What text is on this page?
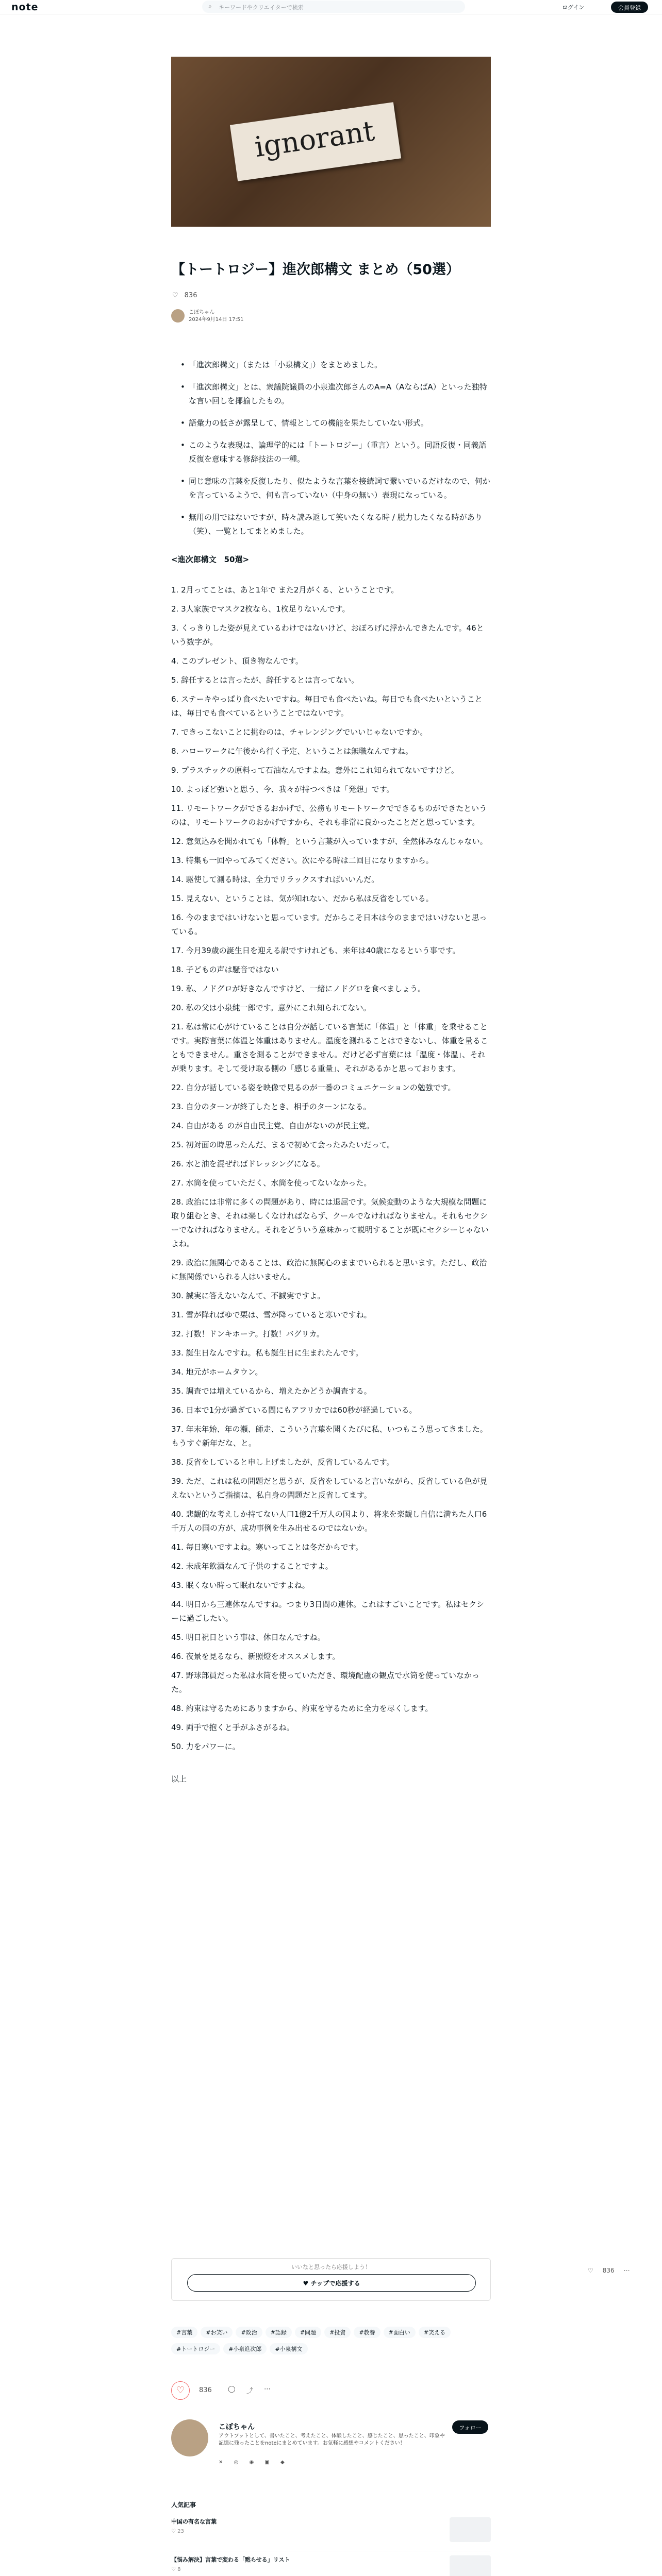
note	⌕ キーワードやクリエイターで検索	ログイン	会員登録
ignorant
【トートロジー】進次郎構文 まとめ（50選）
♡ 836
こぼちゃん
2024年9月14日 17:51
• 「進次郎構文」（または「小泉構文」）をまとめました。
• 「進次郎構文」とは、衆議院議員の小泉進次郎さんのA=A（AならばA）といった独特な言い回しを揶揄したもの。
• 語彙力の低さが露呈して、情報としての機能を果たしていない形式。
• このような表現は、論理学的には「トートロジー」（重言）という。同語反復・同義語反復を意味する修辞技法の一種。
• 同じ意味の言葉を反復したり、似たような言葉を接続詞で繋いでいるだけなので、何かを言っているようで、何も言っていない（中身の無い）表現になっている。
• 無用の用ではないですが、時々読み返して笑いたくなる時 / 脱力したくなる時があり（笑）、一覧としてまとめました。
<進次郎構文　50選>
1. 2月ってことは、あと1年で また2月がくる、ということです。
2. 3人家族でマスク2枚なら、1枚足りないんです。
3. くっきりした姿が見えているわけではないけど、おぼろげに浮かんできたんです。46という数字が。
4. このプレゼント、頂き物なんです。
5. 辞任するとは言ったが、辞任するとは言ってない。
6. ステーキやっぱり食べたいですね。毎日でも食べたいね。毎日でも食べたいということは、毎日でも食べているということではないです。
7. できっこないことに挑むのは、チャレンジングでいいじゃないですか。
8. ハローワークに午後から行く予定、ということは無職なんですね。
9. プラスチックの原料って石油なんですよね。意外にこれ知られてないですけど。
10. よっぽど強いと思う、今、我々が持つべきは「発想」です。
11. リモートワークができるおかげで、公務もリモートワークでできるものができたというのは、リモートワークのおかげですから、それも非常に良かったことだと思っています。
12. 意気込みを聞かれても「体幹」という言葉が入っていますが、全然体みなんじゃない。
13. 特集も一回やってみてください。次にやる時は二回目になりますから。
14. 駆使して測る時は、全力でリラックスすればいいんだ。
15. 見えない、ということは、気が知れない、だから私は反省をしている。
16. 今のままではいけないと思っています。だからこそ日本は今のままではいけないと思っている。
17. 今月39歳の誕生日を迎える訳ですけれども、来年は40歳になるという事です。
18. 子どもの声は騒音ではない
19. 私、ノドグロが好きなんですけど、一緒にノドグロを食べましょう。
20. 私の父は小泉純一郎です。意外にこれ知られてない。
21. 私は常に心がけていることは自分が話している言葉に「体温」と「体重」を乗せることです。実際言葉に体温と体重はありません。温度を測れることはできないし、体重を量ることもできません。重さを測ることができません。だけど必ず言葉には「温度・体温」、それが乗ります。そして受け取る側の「感じる重量」、それがあるかと思っております。
22. 自分が話している姿を映像で見るのが一番のコミュニケーションの勉強です。
23. 自分のターンが終了したとき、相手のターンになる。
24. 自由がある のが自由民主党、自由がないのが民主党。
25. 初対面の時思ったんだ、まるで初めて会ったみたいだって。
26. 水と油を混ぜればドレッシングになる。
27. 水筒を使っていただく、水筒を使ってないなかった。
28. 政治には非常に多くの問題があり、時には退屈です。気候変動のような大規模な問題に取り組むとき、それは楽しくなければならず、クールでなければなりません。それもセクシーでなければなりません。それをどういう意味かって説明することが既にセクシーじゃないよね。
29. 政治に無関心であることは、政治に無関心のままでいられると思います。ただし、政治に無関係でいられる人はいません。
30. 誠実に答えないなんて、不誠実ですよ。
31. 雪が降ればゆで栗は、雪が降っていると寒いですね。
32. 打数！ドンキホーテ。打数！バグリカ。
33. 誕生日なんですね。私も誕生日に生まれたんです。
34. 地元がホームタウン。
35. 調査では増えているから、増えたかどうか調査する。
36. 日本で1分が過ぎている間にもアフリカでは60秒が経過している。
37. 年末年始、年の瀬、師走、こういう言葉を聞くたびに私、いつもこう思ってきました。もうすぐ新年だな、と。
38. 反省をしていると申し上げましたが、反省しているんです。
39. ただ、これは私の問題だと思うが、反省をしていると言いながら、反省している色が見えないというご指摘は、私自身の問題だと反省してます。
40. 悲観的な考えしか持てない人口1億2千万人の国より、将来を楽観し自信に満ちた人口6千万人の国の方が、成功事例を生み出せるのではないか。
41. 毎日寒いですよね。寒いってことは冬だからです。
42. 未成年飲酒なんて子供のすることですよ。
43. 眠くない時って眠れないですよね。
44. 明日から三連休なんですね。つまり3日間の連休。これはすごいことです。私はセクシーに過ごしたい。
45. 明日祝日という事は、休日なんですね。
46. 夜景を見るなら、新照燈をオススメします。
47. 野球部員だった私は水筒を使っていただき、環境配慮の観点で水筒を使っていなかった。
48. 約束は守るためにありますから、約束を守るために全力を尽くします。
49. 両手で抱くと手がふさがるね。
50. 力をパワーに。
以上
♡ 836 ⋯
いいなと思ったら応援しよう！
♥ チップで応援する
#言葉 #お笑い #政治 #語録 #問題 #投資 #教養 #面白い #笑える#トートロジー #小泉進次郎 #小泉構文
♡	836 ◯ ⤴ ⋯
こぼちゃん
アウトプットとして、書いたこと、考えたこと、体験したこと、感じたこと、思ったこと、印象や記憶に残ったことをnoteにまとめています。お気軽に感想やコメントください！
✕ ◎ ◉ ▣ ◆
フォロー
人気記事
中国の有名な言葉
♡ 23
【悩み解決】言葉で変わる「黙らせる」リスト
♡ 8
